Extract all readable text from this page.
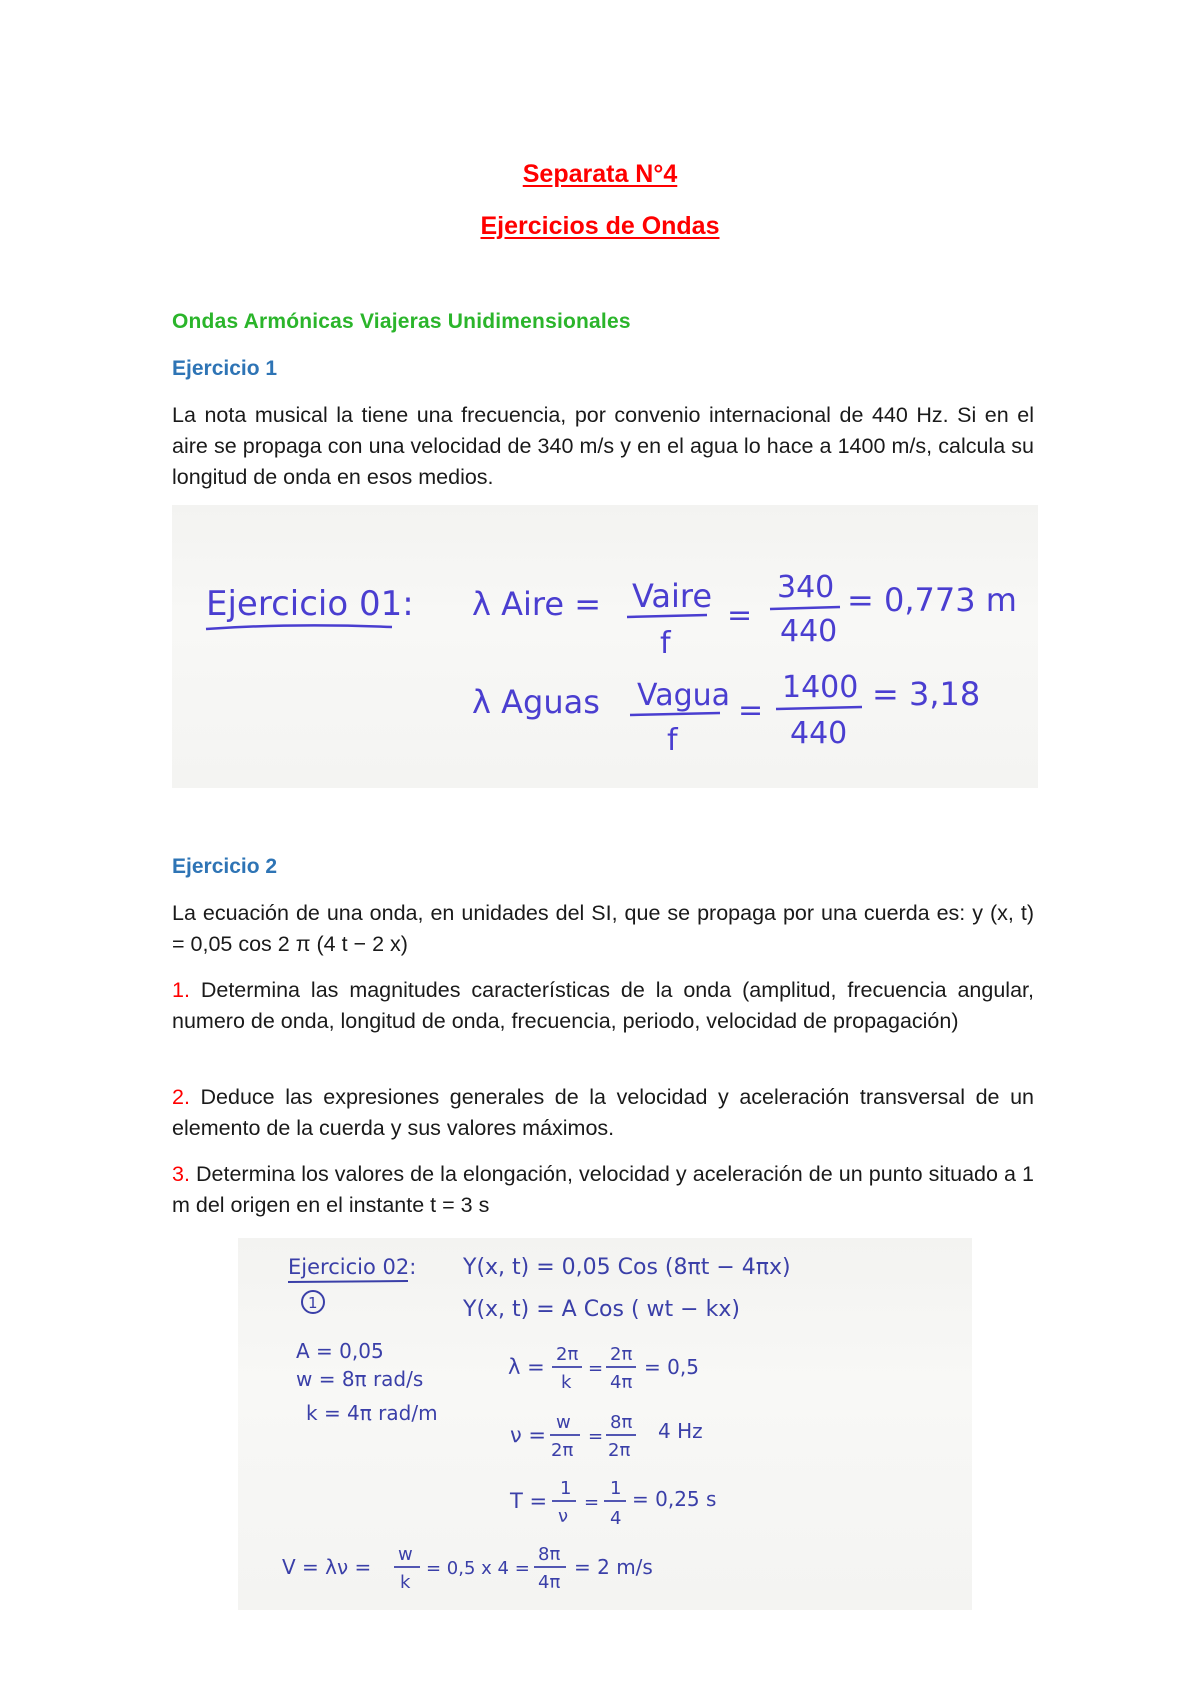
Separata N°4
Ejercicios de Ondas
Ondas Armónicas Viajeras Unidimensionales
Ejercicio 1
La nota musical la tiene una frecuencia, por convenio internacional de 440 Hz. Si en el aire se propaga con una velocidad de 340 m/s y en el agua lo hace a 1400 m/s, calcula su longitud de onda en esos medios.
Ejercicio 01: λ Aire = Vaire
f
=
340
440
= 0,773 m
λ Aguas Vagua
f
=
1400
440
= 3,18
Ejercicio 2
La ecuación de una onda, en unidades del SI, que se propaga por una cuerda es: y (x, t) = 0,05 cos 2 π (4 t − 2 x)
1. Determina las magnitudes características de la onda (amplitud, frecuencia angular, numero de onda, longitud de onda, frecuencia, periodo, velocidad de propagación)
2. Deduce las expresiones generales de la velocidad y aceleración transversal de un elemento de la cuerda y sus valores máximos.
3. Determina los valores de la elongación, velocidad y aceleración de un punto situado a 1 m del origen en el instante t = 3 s
Ejercicio 02:
1
Y(x, t) = 0,05 Cos (8πt − 4πx)
Y(x, t) = A Cos ( wt − kx)
A = 0,05
w = 8π rad/s
k = 4π rad/m
λ =
2π
k
=
2π
4π
= 0,5
ν =
w
2π
=
8π
2π
4 Hz
T =
1
ν
=
1
4
= 0,25 s
V = λν =
w
k
= 0,5 x 4 =
8π
4π
= 2 m/s
